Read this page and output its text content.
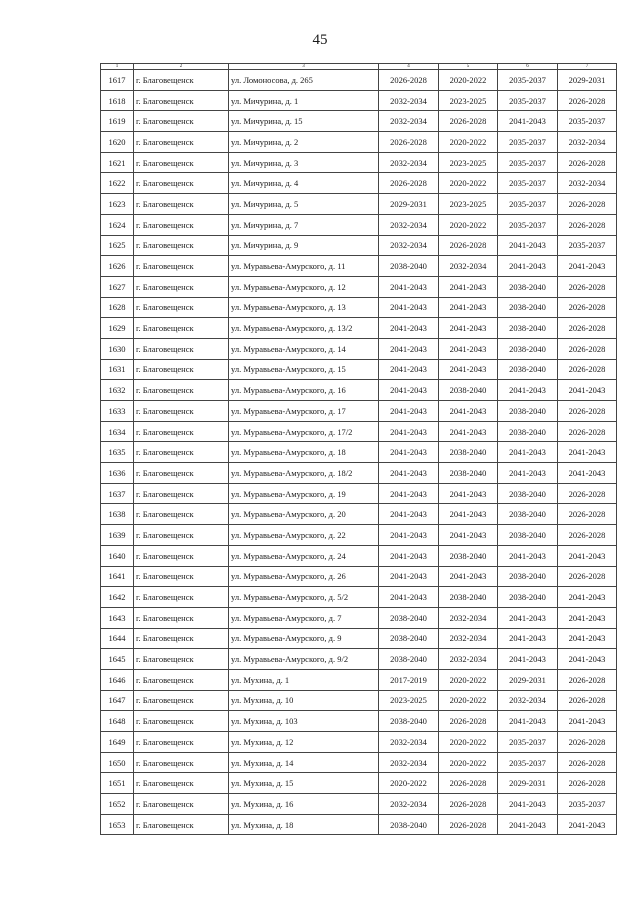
45
1	2	3	4	5	6	7
1617	г. Благовещенск	ул. Ломоносова, д. 265	2026-2028	2020-2022	2035-2037	2029-2031
1618	г. Благовещенск	ул. Мичурина, д. 1	2032-2034	2023-2025	2035-2037	2026-2028
1619	г. Благовещенск	ул. Мичурина, д. 15	2032-2034	2026-2028	2041-2043	2035-2037
1620	г. Благовещенск	ул. Мичурина, д. 2	2026-2028	2020-2022	2035-2037	2032-2034
1621	г. Благовещенск	ул. Мичурина, д. 3	2032-2034	2023-2025	2035-2037	2026-2028
1622	г. Благовещенск	ул. Мичурина, д. 4	2026-2028	2020-2022	2035-2037	2032-2034
1623	г. Благовещенск	ул. Мичурина, д. 5	2029-2031	2023-2025	2035-2037	2026-2028
1624	г. Благовещенск	ул. Мичурина, д. 7	2032-2034	2020-2022	2035-2037	2026-2028
1625	г. Благовещенск	ул. Мичурина, д. 9	2032-2034	2026-2028	2041-2043	2035-2037
1626	г. Благовещенск	ул. Муравьева-Амурского, д. 11	2038-2040	2032-2034	2041-2043	2041-2043
1627	г. Благовещенск	ул. Муравьева-Амурского, д. 12	2041-2043	2041-2043	2038-2040	2026-2028
1628	г. Благовещенск	ул. Муравьева-Амурского, д. 13	2041-2043	2041-2043	2038-2040	2026-2028
1629	г. Благовещенск	ул. Муравьева-Амурского, д. 13/2	2041-2043	2041-2043	2038-2040	2026-2028
1630	г. Благовещенск	ул. Муравьева-Амурского, д. 14	2041-2043	2041-2043	2038-2040	2026-2028
1631	г. Благовещенск	ул. Муравьева-Амурского, д. 15	2041-2043	2041-2043	2038-2040	2026-2028
1632	г. Благовещенск	ул. Муравьева-Амурского, д. 16	2041-2043	2038-2040	2041-2043	2041-2043
1633	г. Благовещенск	ул. Муравьева-Амурского, д. 17	2041-2043	2041-2043	2038-2040	2026-2028
1634	г. Благовещенск	ул. Муравьева-Амурского, д. 17/2	2041-2043	2041-2043	2038-2040	2026-2028
1635	г. Благовещенск	ул. Муравьева-Амурского, д. 18	2041-2043	2038-2040	2041-2043	2041-2043
1636	г. Благовещенск	ул. Муравьева-Амурского, д. 18/2	2041-2043	2038-2040	2041-2043	2041-2043
1637	г. Благовещенск	ул. Муравьева-Амурского, д. 19	2041-2043	2041-2043	2038-2040	2026-2028
1638	г. Благовещенск	ул. Муравьева-Амурского, д. 20	2041-2043	2041-2043	2038-2040	2026-2028
1639	г. Благовещенск	ул. Муравьева-Амурского, д. 22	2041-2043	2041-2043	2038-2040	2026-2028
1640	г. Благовещенск	ул. Муравьева-Амурского, д. 24	2041-2043	2038-2040	2041-2043	2041-2043
1641	г. Благовещенск	ул. Муравьева-Амурского, д. 26	2041-2043	2041-2043	2038-2040	2026-2028
1642	г. Благовещенск	ул. Муравьева-Амурского, д. 5/2	2041-2043	2038-2040	2038-2040	2041-2043
1643	г. Благовещенск	ул. Муравьева-Амурского, д. 7	2038-2040	2032-2034	2041-2043	2041-2043
1644	г. Благовещенск	ул. Муравьева-Амурского, д. 9	2038-2040	2032-2034	2041-2043	2041-2043
1645	г. Благовещенск	ул. Муравьева-Амурского, д. 9/2	2038-2040	2032-2034	2041-2043	2041-2043
1646	г. Благовещенск	ул. Мухина, д. 1	2017-2019	2020-2022	2029-2031	2026-2028
1647	г. Благовещенск	ул. Мухина, д. 10	2023-2025	2020-2022	2032-2034	2026-2028
1648	г. Благовещенск	ул. Мухина, д. 103	2038-2040	2026-2028	2041-2043	2041-2043
1649	г. Благовещенск	ул. Мухина, д. 12	2032-2034	2020-2022	2035-2037	2026-2028
1650	г. Благовещенск	ул. Мухина, д. 14	2032-2034	2020-2022	2035-2037	2026-2028
1651	г. Благовещенск	ул. Мухина, д. 15	2020-2022	2026-2028	2029-2031	2026-2028
1652	г. Благовещенск	ул. Мухина, д. 16	2032-2034	2026-2028	2041-2043	2035-2037
1653	г. Благовещенск	ул. Мухина, д. 18	2038-2040	2026-2028	2041-2043	2041-2043
